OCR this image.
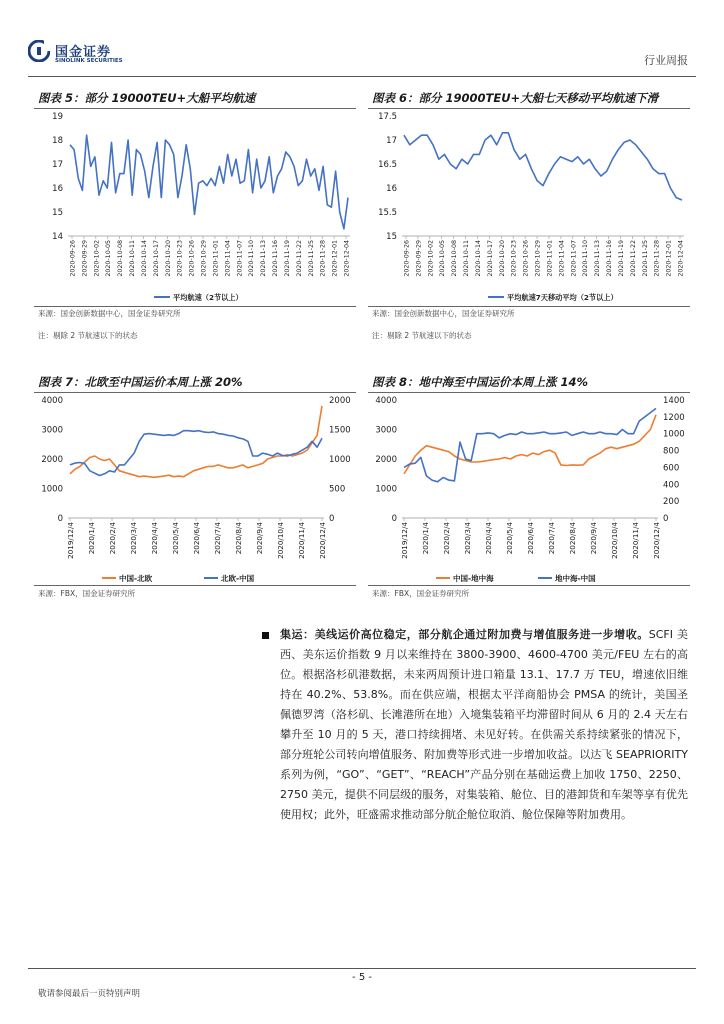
国金证券
SINOLINK SECURITIES	行业周报
图表 5：部分 19000TEU+大船平均航速
14
15
16
17
18
19
2020-09-26 2020-09-29 2020-10-02 2020-10-05 2020-10-08 2020-10-11 2020-10-14 2020-10-17 2020-10-20 2020-10-23 2020-10-26 2020-10-29 2020-11-01 2020-11-04 2020-11-07 2020-11-10 2020-11-13 2020-11-16 2020-11-19 2020-11-22 2020-11-25 2020-11-28 2020-12-01 2020-12-04
平均航速（2节以上）
来源：国金创新数据中心，国金证券研究所
注：剔除 2 节航速以下的状态
图表 6：部分 19000TEU+大船七天移动平均航速下滑
15
15.5
16
16.5
17
17.5
2020-09-26 2020-09-29 2020-10-02 2020-10-05 2020-10-08 2020-10-11 2020-10-14 2020-10-17 2020-10-20 2020-10-23 2020-10-26 2020-10-29 2020-11-01 2020-11-04 2020-11-07 2020-11-10 2020-11-13 2020-11-16 2020-11-19 2020-11-22 2020-11-25 2020-11-28 2020-12-01 2020-12-04
平均航速7天移动平均（2节以上）
来源：国金创新数据中心，国金证券研究所
注：剔除 2 节航速以下的状态
图表 7：北欧至中国运价本周上涨 20%
0
1000
2000
3000
4000
0
500
1000
1500
2000
2019/12/4 2020/1/4 2020/2/4 2020/3/4 2020/4/4 2020/5/4 2020/6/4 2020/7/4 2020/8/4 2020/9/4 2020/10/4 2020/11/4 2020/12/4
中国-北欧	北欧-中国
来源：FBX，国金证券研究所
图表 8：地中海至中国运价本周上涨 14%
0
1000
2000
3000
4000
0
200
400
600
800
1000
1200
1400
2019/12/4 2020/1/4 2020/2/4 2020/3/4 2020/4/4 2020/5/4 2020/6/4 2020/7/4 2020/8/4 2020/9/4 2020/10/4 2020/11/4 2020/12/4
中国-地中海	地中海-中国
来源：FBX，国金证券研究所
集运：美线运价高位稳定，部分航企通过附加费与增值服务进一步增收。SCFI 美西、美东运价指数 9 月以来维持在 3800-3900、4600-4700 美元/FEU 左右的高位。根据洛杉矶港数据，未来两周预计进口箱量 13.1、17.7 万 TEU，增速依旧维持在 40.2%、53.8%。而在供应端，根据太平洋商船协会 PMSA 的统计，美国圣佩德罗湾（洛杉矶、长滩港所在地）入境集装箱平均滞留时间从 6 月的 2.4 天左右攀升至 10 月的 5 天，港口持续拥堵、未见好转。在供需关系持续紧张的情况下，部分班轮公司转向增值服务、附加费等形式进一步增加收益。以达飞 SEAPRIORITY 系列为例，“GO”、“GET”、“REACH”产品分别在基础运费上加收 1750、2250、2750 美元，提供不同层级的服务，对集装箱、舱位、目的港卸货和车架等享有优先使用权；此外，旺盛需求推动部分航企舱位取消、舱位保障等附加费用。
- 5 -
敬请参阅最后一页特别声明
